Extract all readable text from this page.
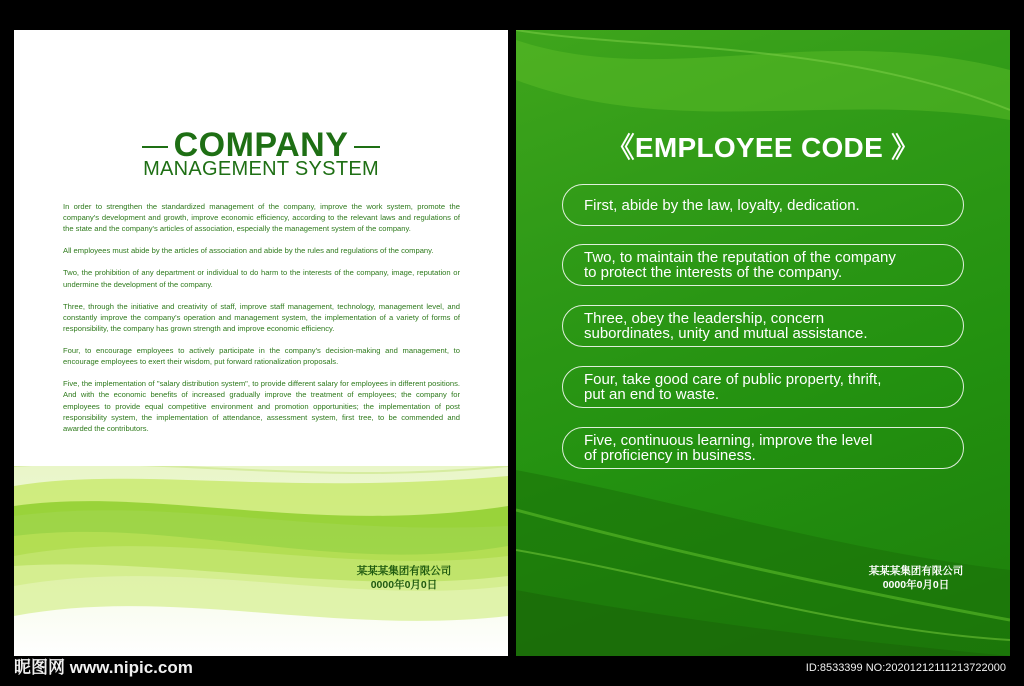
COMPANY
MANAGEMENT SYSTEM

In order to strengthen the standardized management of the company, improve the work system, promote the company's development and growth, improve economic efficiency, according to the relevant laws and regulations of the state and the company's articles of association, especially the management system of the company.

All employees must abide by the articles of association and abide by the rules and regulations of the company.

Two, the prohibition of any department or individual to do harm to the interests of the company, image, reputation or undermine the development of the company.

Three, through the initiative and creativity of staff, improve staff management, technology, management level, and constantly improve the company's operation and management system, the implementation of a variety of forms of responsibility, the company has grown strength and improve economic efficiency.

Four, to encourage employees to actively participate in the company's decision-making and management, to encourage employees to exert their wisdom, put forward rationalization proposals.

Five, the implementation of "salary distribution system", to provide different salary for employees in different positions. And with the economic benefits of increased gradually improve the treatment of employees; the company for employees to provide equal competitive environment and promotion opportunities; the implementation of post responsibility system, the implementation of attendance, assessment system, first tree, to be commended and awarded the contributors.

某某某集团有限公司
0000年0月0日
《EMPLOYEE CODE 》
First, abide by the law, loyalty, dedication.
Two, to maintain the reputation of the company
to protect the interests of the company.
Three, obey the leadership, concern
subordinates, unity and mutual assistance.
Four, take good care of public property, thrift,
put an end to waste.
Five, continuous learning, improve the level
of proficiency in business.
某某某集团有限公司
0000年0月0日
昵图网 www.nipic.com	ID:8533399 NO:20201212111213722000
